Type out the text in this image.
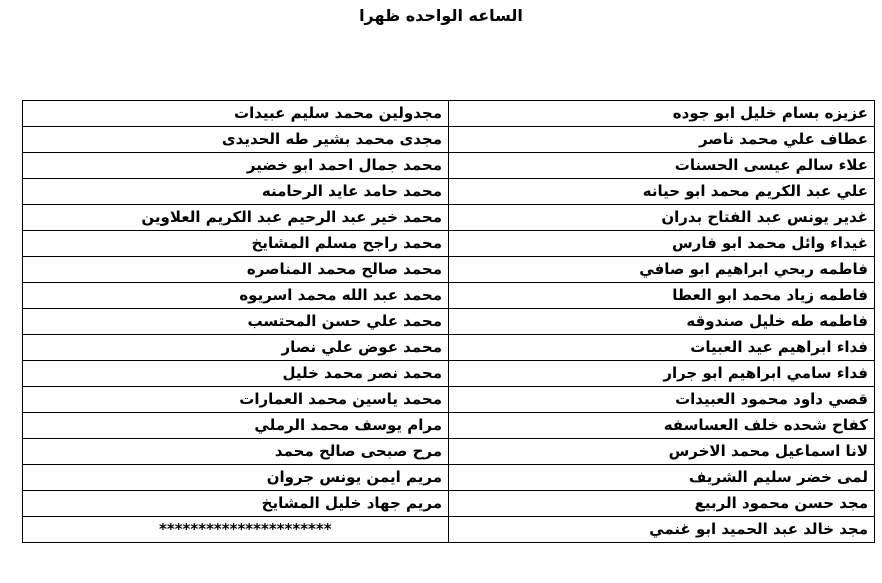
الساعه الواحده ظهرا
عزيزه بسام خليل ابو جوده	مجدولين محمد سليم عبيدات
عطاف علي محمد ناصر	مجدى محمد بشير طه الحديدى
علاء سالم عيسى الحسنات	محمد جمال احمد ابو خضير
علي عبد الكريم محمد ابو حيانه	محمد حامد عايد الرحامنه
غدير يونس عبد الفتاح بدران	محمد خير عبد الرحيم عبد الكريم العلاوين
غيداء وائل محمد ابو فارس	محمد راجح مسلم المشايخ
فاطمه ربحي ابراهيم ابو صافي	محمد صالح محمد المناصره
فاطمه زياد محمد ابو العطا	محمد عبد الله محمد اسريوه
فاطمه طه خليل صندوقه	محمد علي حسن المحتسب
فداء ابراهيم عيد العبيات	محمد عوض علي نصار
فداء سامي ابراهيم ابو جرار	محمد نصر محمد خليل
قصي داود محمود العبيدات	محمد ياسين محمد العمارات
كفاح شحده خلف العساسفه	مرام يوسف محمد الرملي
لانا اسماعيل محمد الاخرس	مرح صبحى صالح محمد
لمى خضر سليم الشريف	مريم ايمن يونس جروان
مجد حسن محمود الربيع	مريم جهاد خليل المشايخ
مجد خالد عبد الحميد ابو غنمي	**********************
